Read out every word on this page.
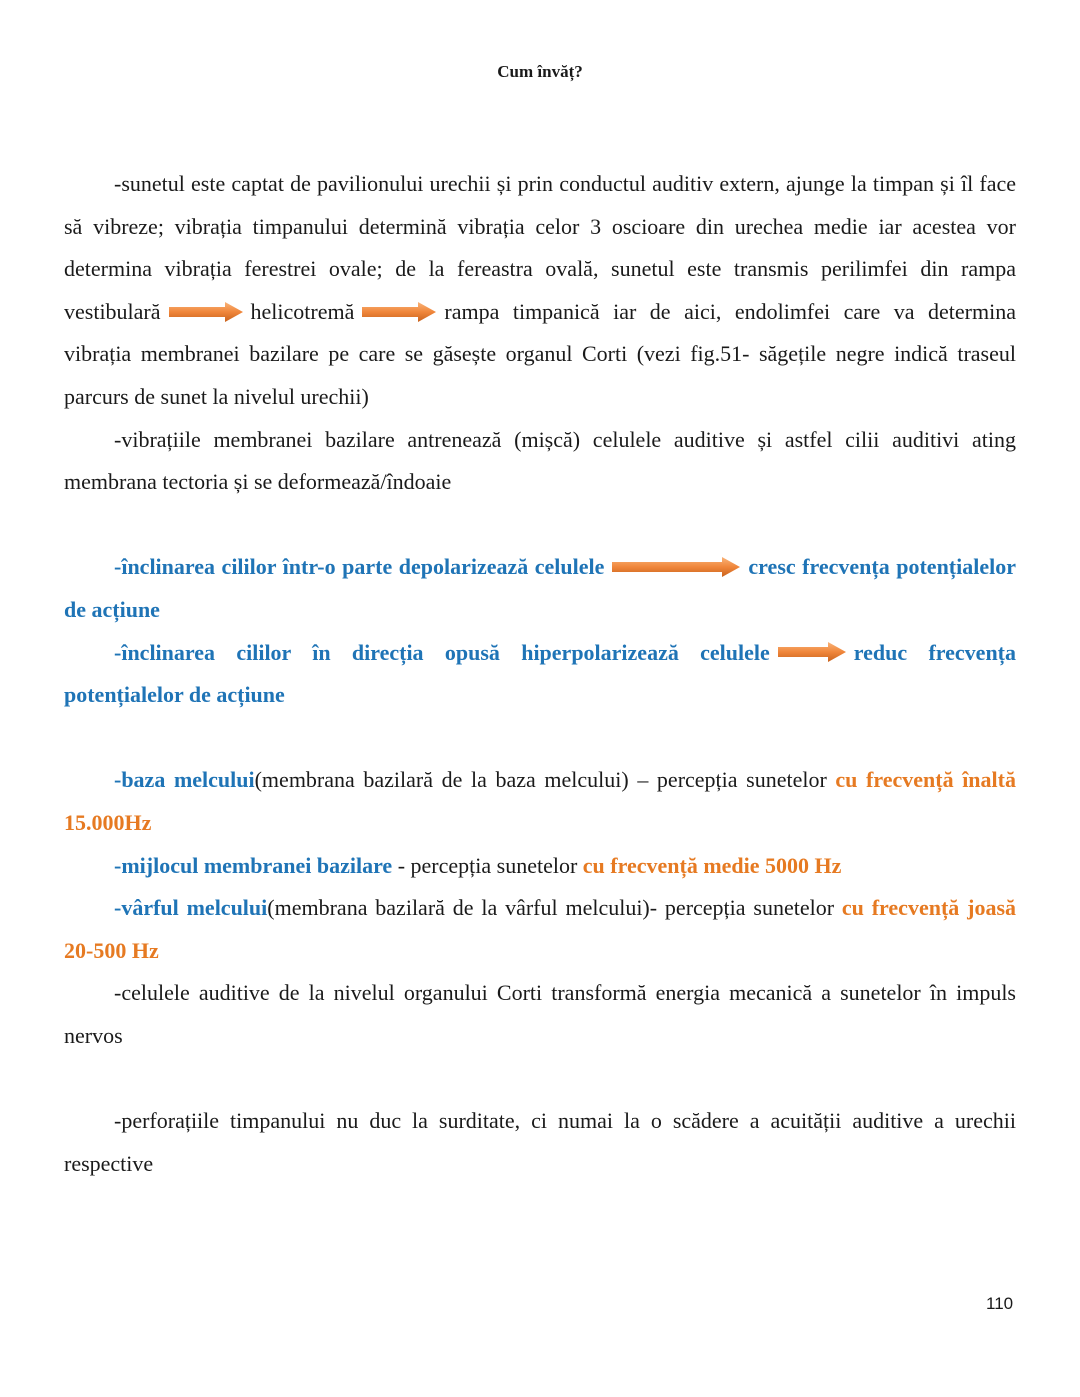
Cum învăț?

-sunetul este captat de pavilionului urechii și prin conductul auditiv extern, ajunge la timpan și îl face să vibreze; vibrația timpanului determină vibrația celor 3 oscioare din urechea medie iar acestea vor determina vibrația ferestrei ovale; de la fereastra ovală, sunetul este transmis perilimfei din rampa vestibulară	helicotremă	rampa timpanică iar de aici, endolimfei care va determina vibrația membranei bazilare pe care se găsește organul Corti (vezi fig.51- săgețile negre indică traseul parcurs de sunet la nivelul urechii)

-vibrațiile membranei bazilare antrenează (mișcă) celulele auditive și astfel cilii auditivi ating membrana tectoria și se deformează/îndoaie

-înclinarea cililor într-o parte depolarizează celulele	cresc frecvența potențialelor de acțiune

-înclinarea cililor în direcția opusă hiperpolarizează celulele	reduc frecvența potențialelor de acțiune

-baza melcului(membrana bazilară de la baza melcului) – percepția sunetelor cu frecvență înaltă 15.000Hz

-mijlocul membranei bazilare - percepția sunetelor cu frecvență medie 5000 Hz

-vârful melcului(membrana bazilară de la vârful melcului)- percepția sunetelor cu frecvență joasă 20-500 Hz

-celulele auditive de la nivelul organului Corti transformă energia mecanică a sunetelor în impuls nervos

-perforațiile timpanului nu duc la surditate, ci numai la o scădere a acuității auditive a urechii respective

110
